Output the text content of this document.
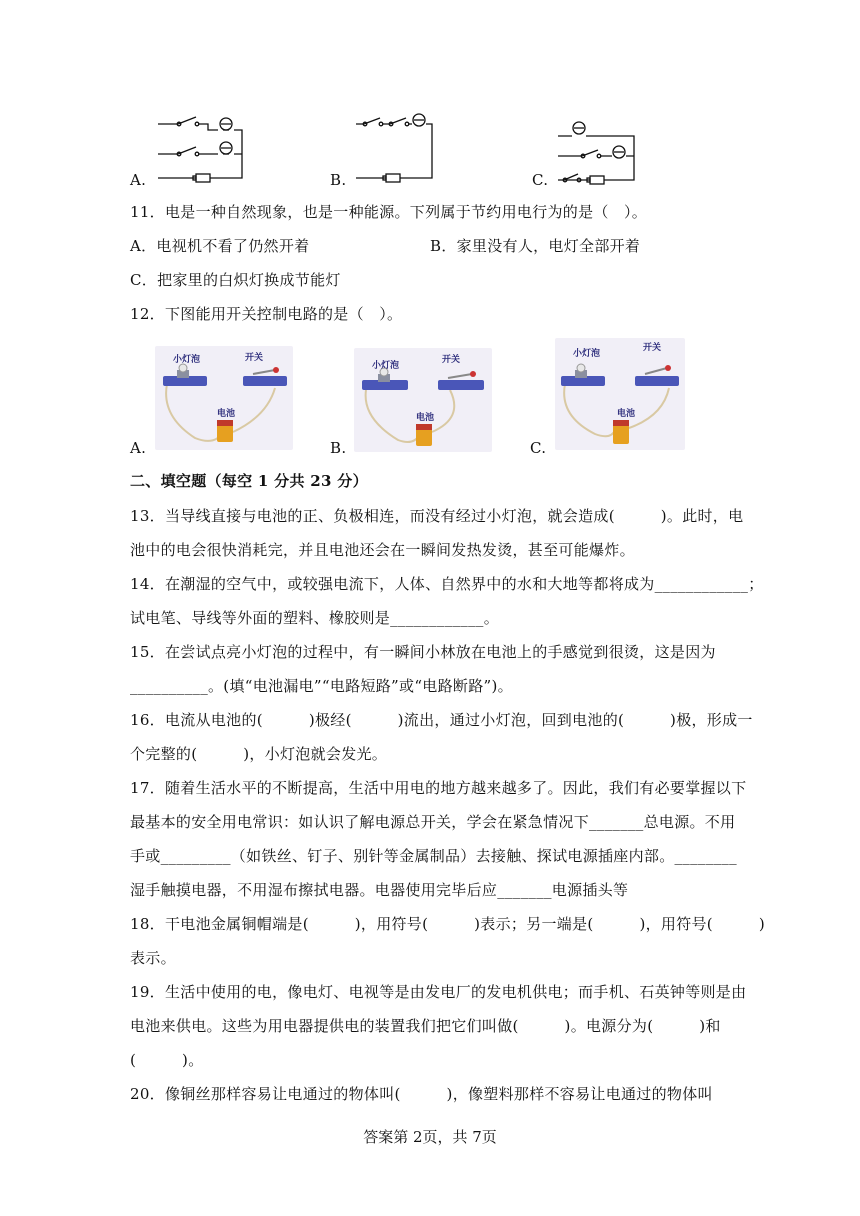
A.	B.	C.
11．电是一种自然现象，也是一种能源。下列属于节约用电行为的是（　）。
A．电视机不看了仍然开着	B．家里没有人，电灯全部开着
C．把家里的白炽灯换成节能灯
12．下图能用开关控制电路的是（　）。
小灯泡	开关
电池
A.
小灯泡
开关
电池
B.
小灯泡
开关
电池
C.
二、填空题（每空 1 分共 23 分）
13．当导线直接与电池的正、负极相连，而没有经过小灯泡，就会造成(　　　)。此时，电
池中的电会很快消耗完，并且电池还会在一瞬间发热发烫，甚至可能爆炸。
14．在潮湿的空气中，或较强电流下，人体、自然界中的水和大地等都将成为____________；
试电笔、导线等外面的塑料、橡胶则是____________。
15．在尝试点亮小灯泡的过程中，有一瞬间小林放在电池上的手感觉到很烫，这是因为
__________。(填“电池漏电”“电路短路”或“电路断路”)。
16．电流从电池的(　　　)极经(　　　)流出，通过小灯泡，回到电池的(　　　)极，形成一
个完整的(　　　)，小灯泡就会发光。
17．随着生活水平的不断提高，生活中用电的地方越来越多了。因此，我们有必要掌握以下
最基本的安全用电常识：如认识了解电源总开关，学会在紧急情况下_______总电源。不用
手或_________（如铁丝、钉子、别针等金属制品）去接触、探试电源插座内部。________
湿手触摸电器，不用湿布擦拭电器。电器使用完毕后应_______电源插头等
18．干电池金属铜帽端是(　　　)，用符号(　　　)表示；另一端是(　　　)，用符号(　　　)
表示。
19．生活中使用的电，像电灯、电视等是由发电厂的发电机供电；而手机、石英钟等则是由
电池来供电。这些为用电器提供电的装置我们把它们叫做(　　　)。电源分为(　　　)和
(　　　)。
20．像铜丝那样容易让电通过的物体叫(　　　)，像塑料那样不容易让电通过的物体叫
答案第 2页，共 7页
